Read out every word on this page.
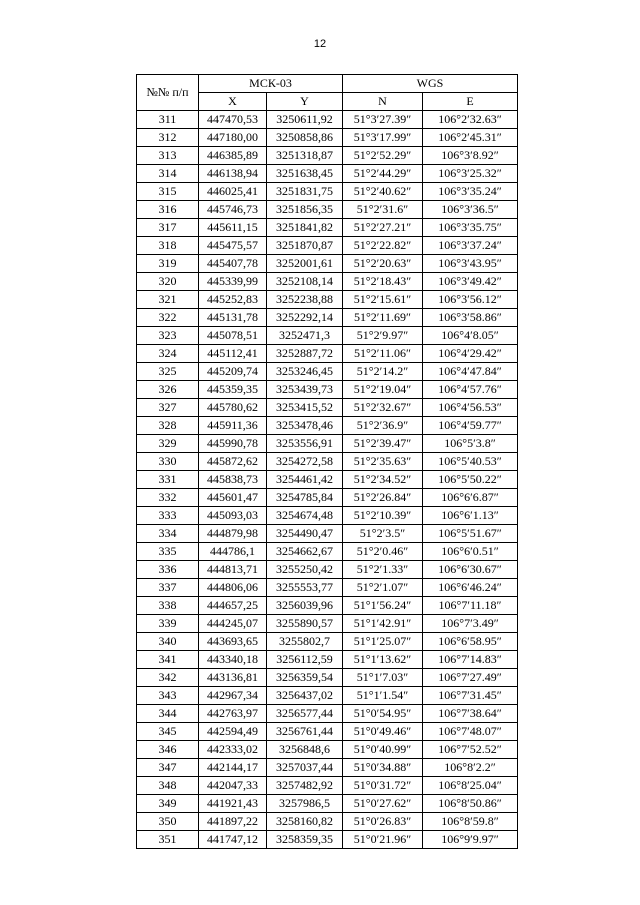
12
№№ п/п	МСК-03		WGS	
	X	Y	N	E
311	447470,53	3250611,92	51°3′27.39″	106°2′32.63″
312	447180,00	3250858,86	51°3′17.99″	106°2′45.31″
313	446385,89	3251318,87	51°2′52.29″	106°3′8.92″
314	446138,94	3251638,45	51°2′44.29″	106°3′25.32″
315	446025,41	3251831,75	51°2′40.62″	106°3′35.24″
316	445746,73	3251856,35	51°2′31.6″	106°3′36.5″
317	445611,15	3251841,82	51°2′27.21″	106°3′35.75″
318	445475,57	3251870,87	51°2′22.82″	106°3′37.24″
319	445407,78	3252001,61	51°2′20.63″	106°3′43.95″
320	445339,99	3252108,14	51°2′18.43″	106°3′49.42″
321	445252,83	3252238,88	51°2′15.61″	106°3′56.12″
322	445131,78	3252292,14	51°2′11.69″	106°3′58.86″
323	445078,51	3252471,3	51°2′9.97″	106°4′8.05″
324	445112,41	3252887,72	51°2′11.06″	106°4′29.42″
325	445209,74	3253246,45	51°2′14.2″	106°4′47.84″
326	445359,35	3253439,73	51°2′19.04″	106°4′57.76″
327	445780,62	3253415,52	51°2′32.67″	106°4′56.53″
328	445911,36	3253478,46	51°2′36.9″	106°4′59.77″
329	445990,78	3253556,91	51°2′39.47″	106°5′3.8″
330	445872,62	3254272,58	51°2′35.63″	106°5′40.53″
331	445838,73	3254461,42	51°2′34.52″	106°5′50.22″
332	445601,47	3254785,84	51°2′26.84″	106°6′6.87″
333	445093,03	3254674,48	51°2′10.39″	106°6′1.13″
334	444879,98	3254490,47	51°2′3.5″	106°5′51.67″
335	444786,1	3254662,67	51°2′0.46″	106°6′0.51″
336	444813,71	3255250,42	51°2′1.33″	106°6′30.67″
337	444806,06	3255553,77	51°2′1.07″	106°6′46.24″
338	444657,25	3256039,96	51°1′56.24″	106°7′11.18″
339	444245,07	3255890,57	51°1′42.91″	106°7′3.49″
340	443693,65	3255802,7	51°1′25.07″	106°6′58.95″
341	443340,18	3256112,59	51°1′13.62″	106°7′14.83″
342	443136,81	3256359,54	51°1′7.03″	106°7′27.49″
343	442967,34	3256437,02	51°1′1.54″	106°7′31.45″
344	442763,97	3256577,44	51°0′54.95″	106°7′38.64″
345	442594,49	3256761,44	51°0′49.46″	106°7′48.07″
346	442333,02	3256848,6	51°0′40.99″	106°7′52.52″
347	442144,17	3257037,44	51°0′34.88″	106°8′2.2″
348	442047,33	3257482,92	51°0′31.72″	106°8′25.04″
349	441921,43	3257986,5	51°0′27.62″	106°8′50.86″
350	441897,22	3258160,82	51°0′26.83″	106°8′59.8″
351	441747,12	3258359,35	51°0′21.96″	106°9′9.97″
